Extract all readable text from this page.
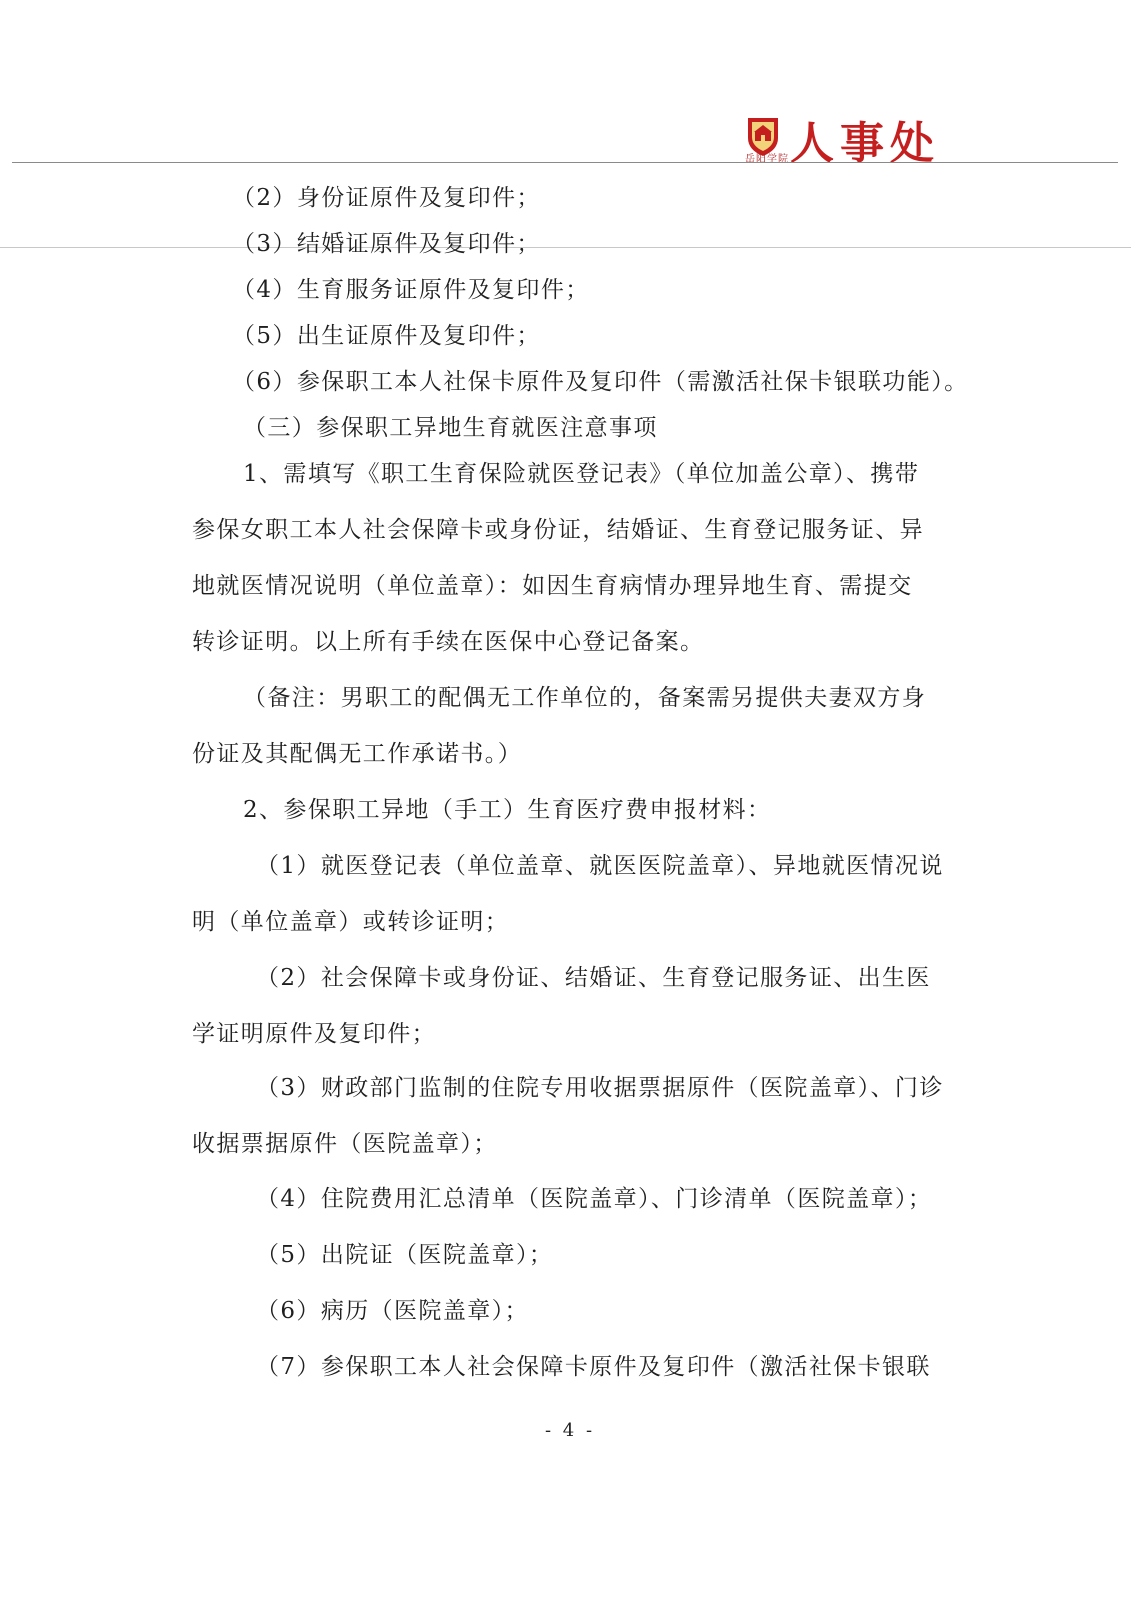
岳阳学院 人事处
（2）身份证原件及复印件；
（3）结婚证原件及复印件；
（4）生育服务证原件及复印件；
（5）出生证原件及复印件；
（6）参保职工本人社保卡原件及复印件（需激活社保卡银联功能）。
（三）参保职工异地生育就医注意事项
1、需填写《职工生育保险就医登记表》（单位加盖公章）、携带
参保女职工本人社会保障卡或身份证，结婚证、生育登记服务证、异
地就医情况说明（单位盖章）：如因生育病情办理异地生育、需提交
转诊证明。以上所有手续在医保中心登记备案。
（备注：男职工的配偶无工作单位的，备案需另提供夫妻双方身
份证及其配偶无工作承诺书。）
2、参保职工异地（手工）生育医疗费申报材料：
（1）就医登记表（单位盖章、就医医院盖章）、异地就医情况说
明（单位盖章）或转诊证明；
（2）社会保障卡或身份证、结婚证、生育登记服务证、出生医
学证明原件及复印件；
（3）财政部门监制的住院专用收据票据原件（医院盖章）、门诊
收据票据原件（医院盖章）；
（4）住院费用汇总清单（医院盖章）、门诊清单（医院盖章）；
（5）出院证（医院盖章）；
（6）病历（医院盖章）；
（7）参保职工本人社会保障卡原件及复印件（激活社保卡银联
- 4 -
